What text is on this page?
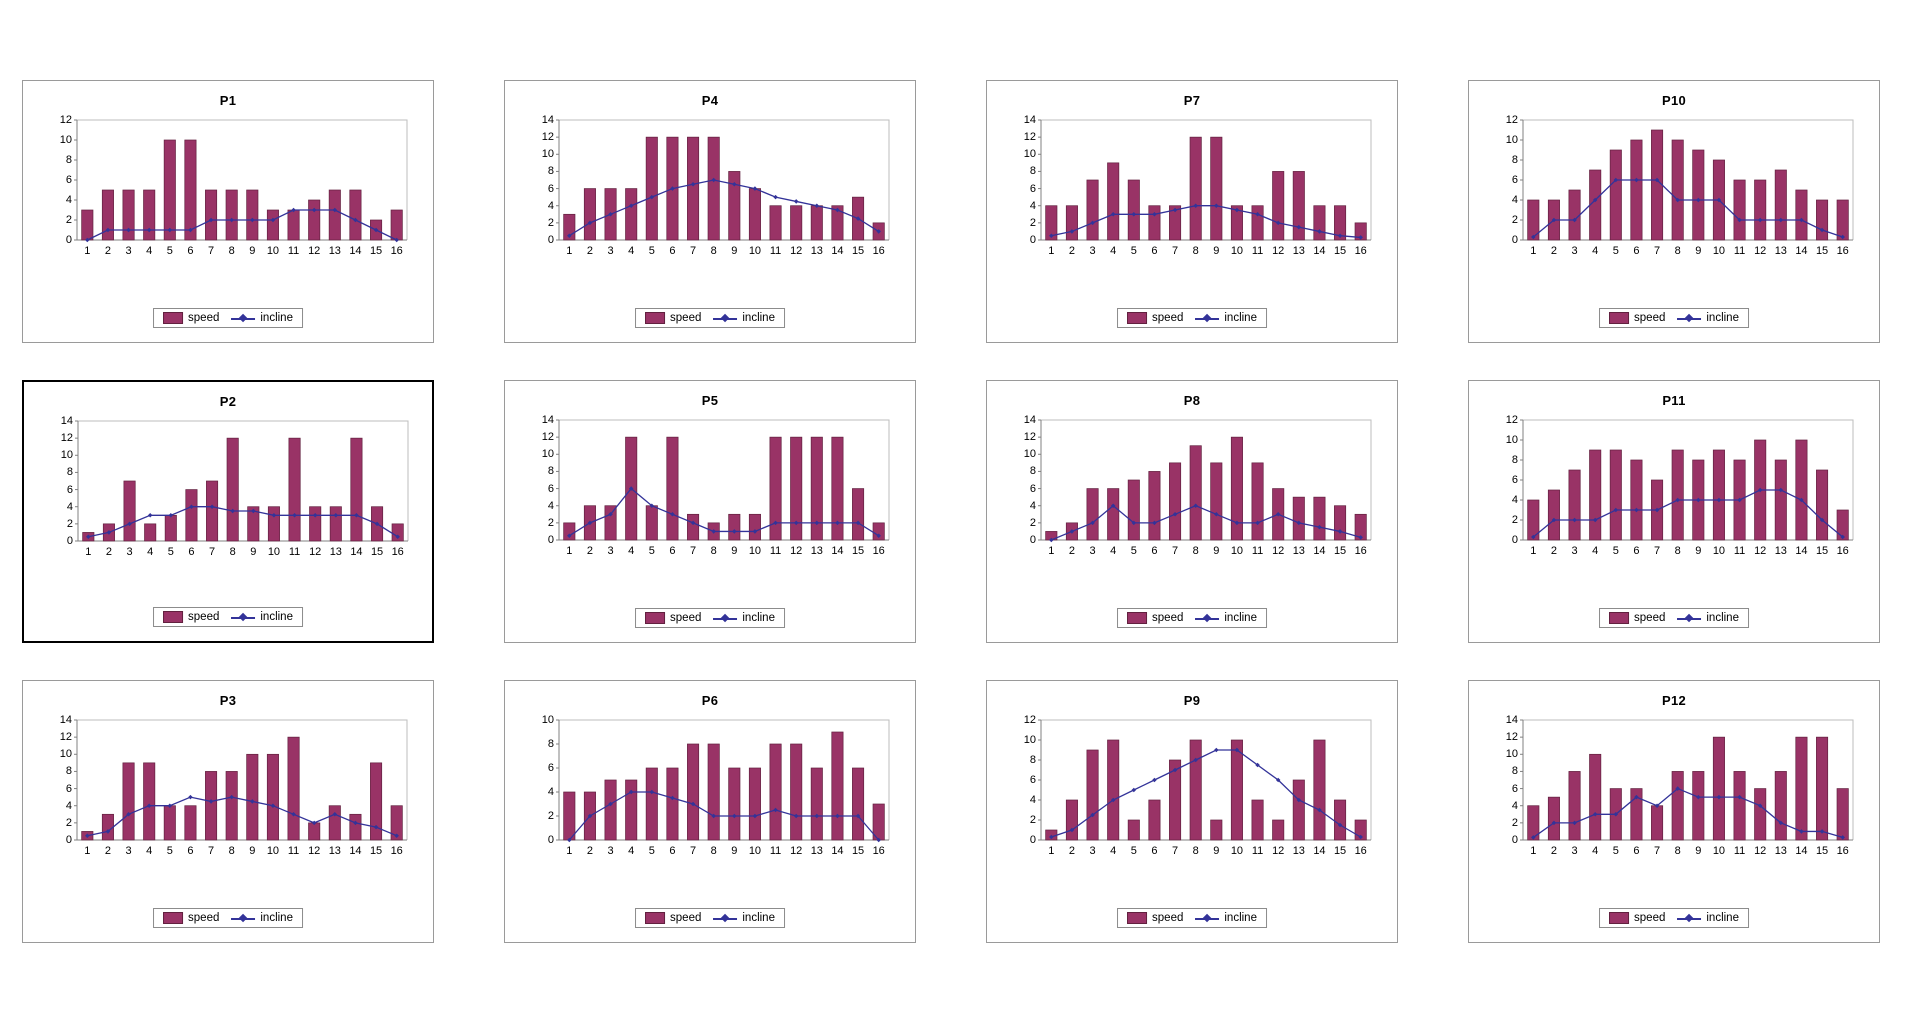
P1
0
2
4
6
8
10
12
1 2 3 4 5 6 7 8 9 10 11 12 13 14 15 16
speed	incline
P4
0
2
4
6
8
10
12
14
1 2 3 4 5 6 7 8 9 10 11 12 13 14 15 16
speed	incline
P7
0
2
4
6
8
10
12
14
1 2 3 4 5 6 7 8 9 10 11 12 13 14 15 16
speed	incline
P10
0
2
4
6
8
10
12
1 2 3 4 5 6 7 8 9 10 11 12 13 14 15 16
speed	incline
P2
0
2
4
6
8
10
12
14
1 2 3 4 5 6 7 8 9 10 11 12 13 14 15 16
speed	incline
P5
0
2
4
6
8
10
12
14
1 2 3 4 5 6 7 8 9 10 11 12 13 14 15 16
speed	incline
P8
0
2
4
6
8
10
12
14
1 2 3 4 5 6 7 8 9 10 11 12 13 14 15 16
speed	incline
P11
0
2
4
6
8
10
12
1 2 3 4 5 6 7 8 9 10 11 12 13 14 15 16
speed	incline
P3
0
2
4
6
8
10
12
14
1 2 3 4 5 6 7 8 9 10 11 12 13 14 15 16
speed	incline
P6
0
2
4
6
8
10
1 2 3 4 5 6 7 8 9 10 11 12 13 14 15 16
speed	incline
P9
0
2
4
6
8
10
12
1 2 3 4 5 6 7 8 9 10 11 12 13 14 15 16
speed	incline
P12
0
2
4
6
8
10
12
14
1 2 3 4 5 6 7 8 9 10 11 12 13 14 15 16
speed	incline
